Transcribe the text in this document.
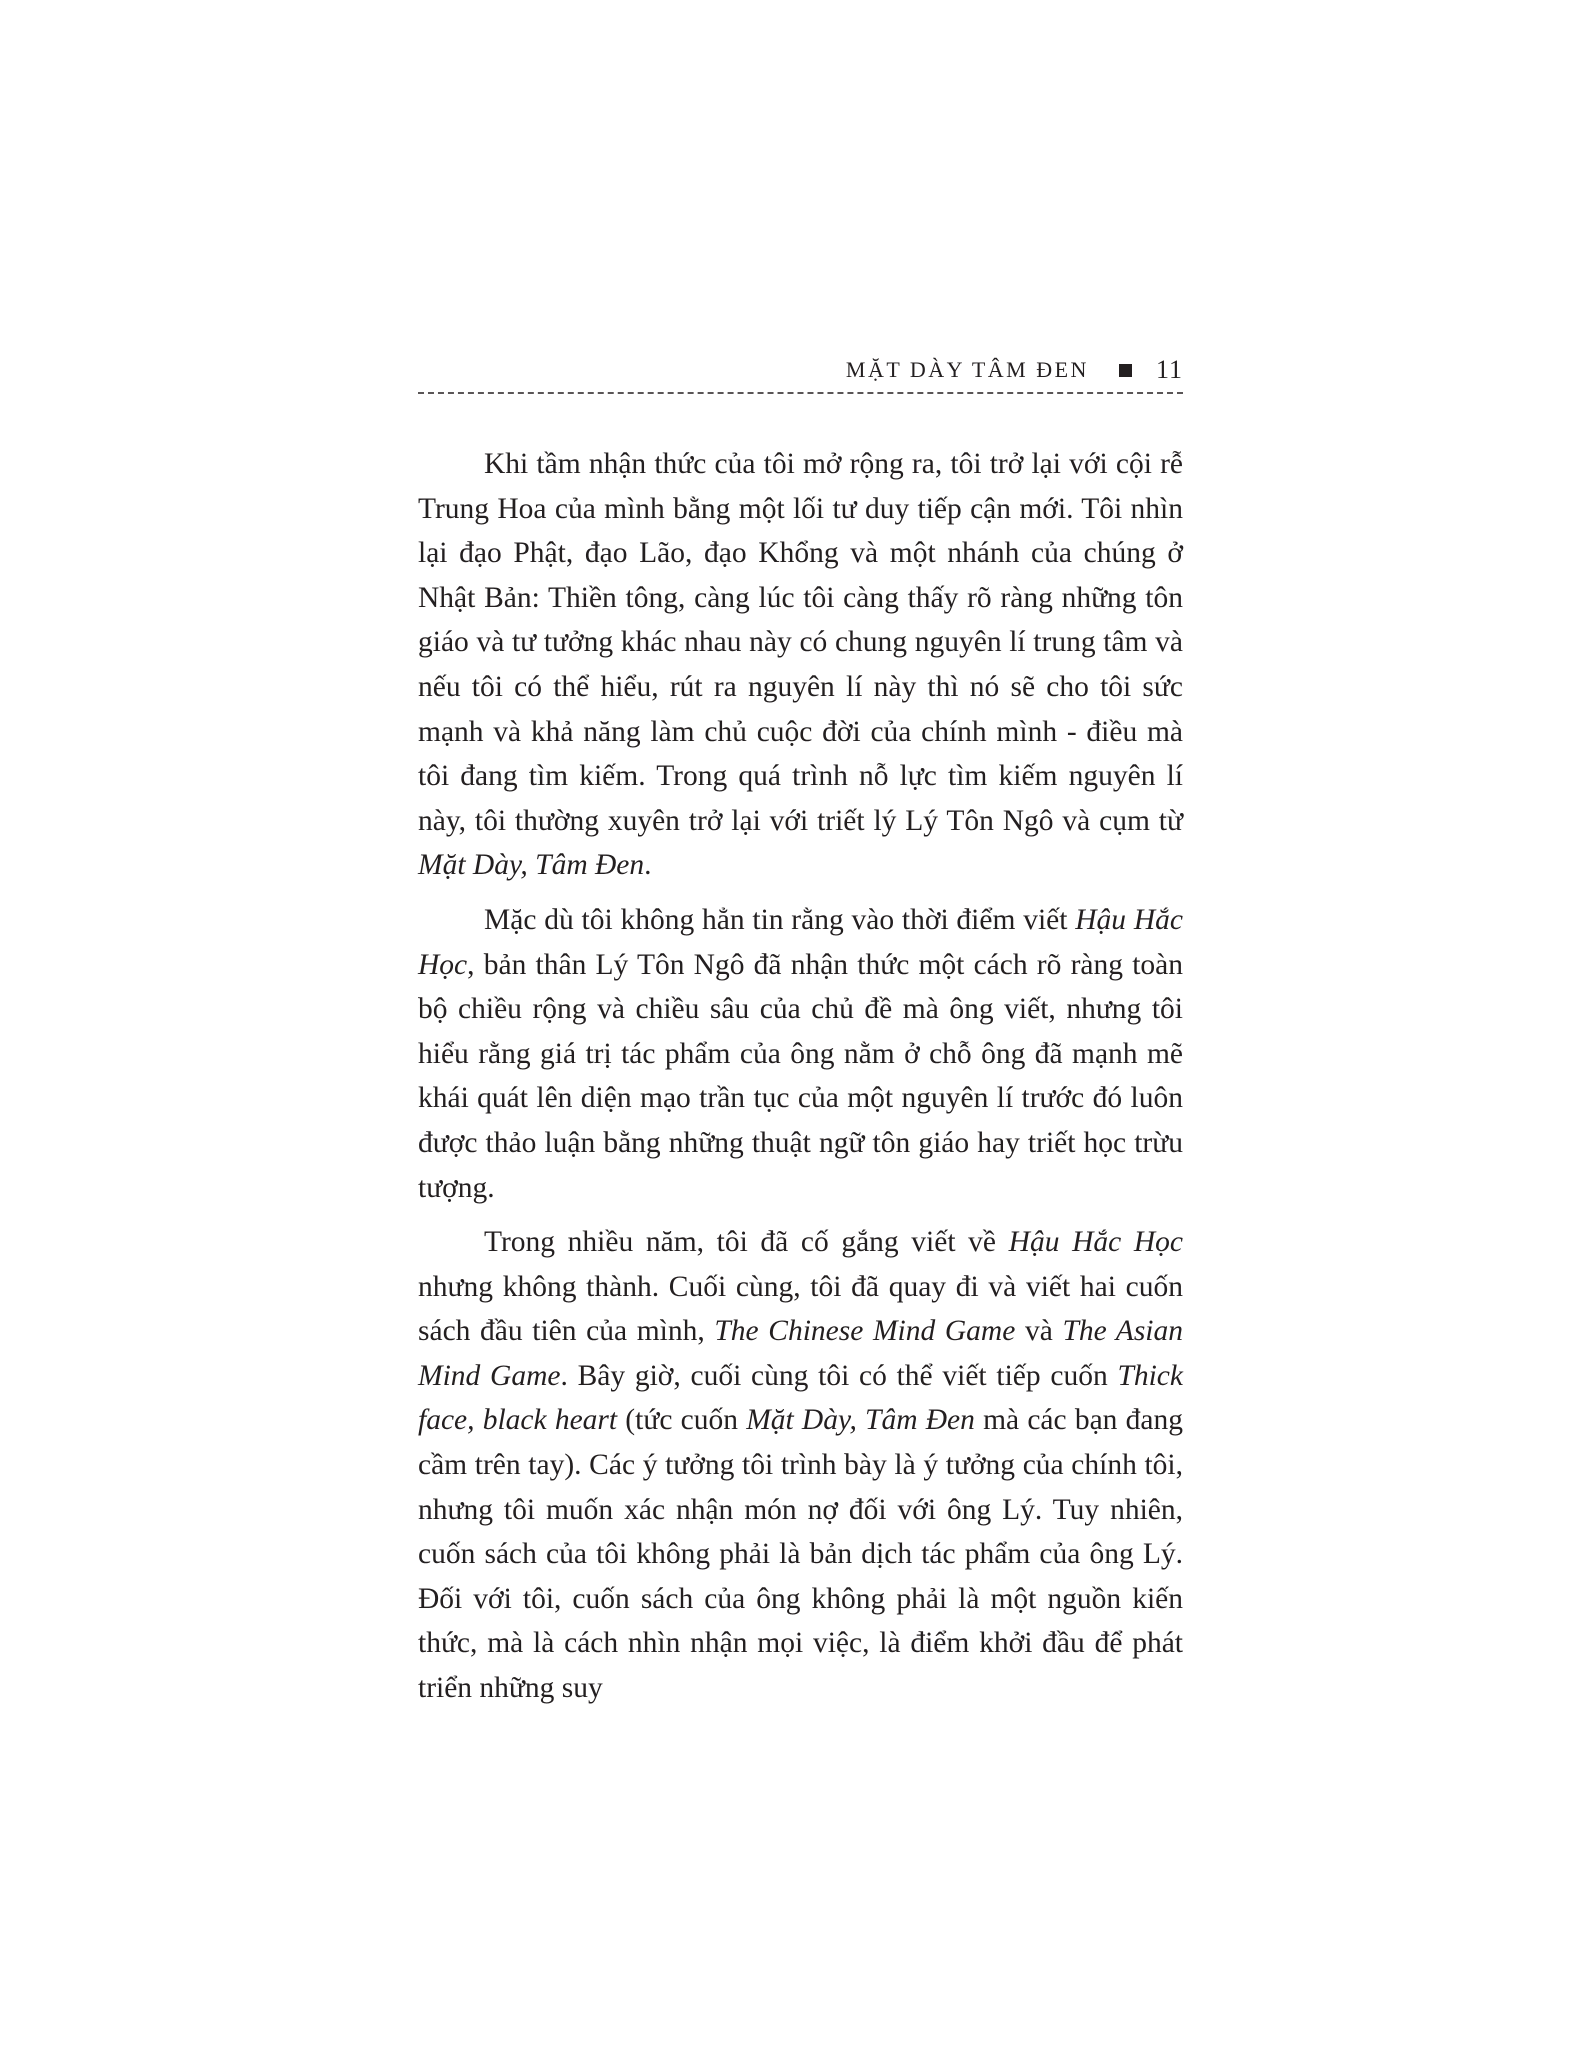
MẶT DÀY TÂM ĐEN	11

Khi tầm nhận thức của tôi mở rộng ra, tôi trở lại với cội rễ Trung Hoa của mình bằng một lối tư duy tiếp cận mới. Tôi nhìn lại đạo Phật, đạo Lão, đạo Khổng và một nhánh của chúng ở Nhật Bản: Thiền tông, càng lúc tôi càng thấy rõ ràng những tôn giáo và tư tưởng khác nhau này có chung nguyên lí trung tâm và nếu tôi có thể hiểu, rút ra nguyên lí này thì nó sẽ cho tôi sức mạnh và khả năng làm chủ cuộc đời của chính mình - điều mà tôi đang tìm kiếm. Trong quá trình nỗ lực tìm kiếm nguyên lí này, tôi thường xuyên trở lại với triết lý Lý Tôn Ngô và cụm từ Mặt Dày, Tâm Đen.

Mặc dù tôi không hẳn tin rằng vào thời điểm viết Hậu Hắc Học, bản thân Lý Tôn Ngô đã nhận thức một cách rõ ràng toàn bộ chiều rộng và chiều sâu của chủ đề mà ông viết, nhưng tôi hiểu rằng giá trị tác phẩm của ông nằm ở chỗ ông đã mạnh mẽ khái quát lên diện mạo trần tục của một nguyên lí trước đó luôn được thảo luận bằng những thuật ngữ tôn giáo hay triết học trừu tượng.

Trong nhiều năm, tôi đã cố gắng viết về Hậu Hắc Học nhưng không thành. Cuối cùng, tôi đã quay đi và viết hai cuốn sách đầu tiên của mình, The Chinese Mind Game và The Asian Mind Game. Bây giờ, cuối cùng tôi có thể viết tiếp cuốn Thick face, black heart (tức cuốn Mặt Dày, Tâm Đen mà các bạn đang cầm trên tay). Các ý tưởng tôi trình bày là ý tưởng của chính tôi, nhưng tôi muốn xác nhận món nợ đối với ông Lý. Tuy nhiên, cuốn sách của tôi không phải là bản dịch tác phẩm của ông Lý. Đối với tôi, cuốn sách của ông không phải là một nguồn kiến thức, mà là cách nhìn nhận mọi việc, là điểm khởi đầu để phát triển những suy
